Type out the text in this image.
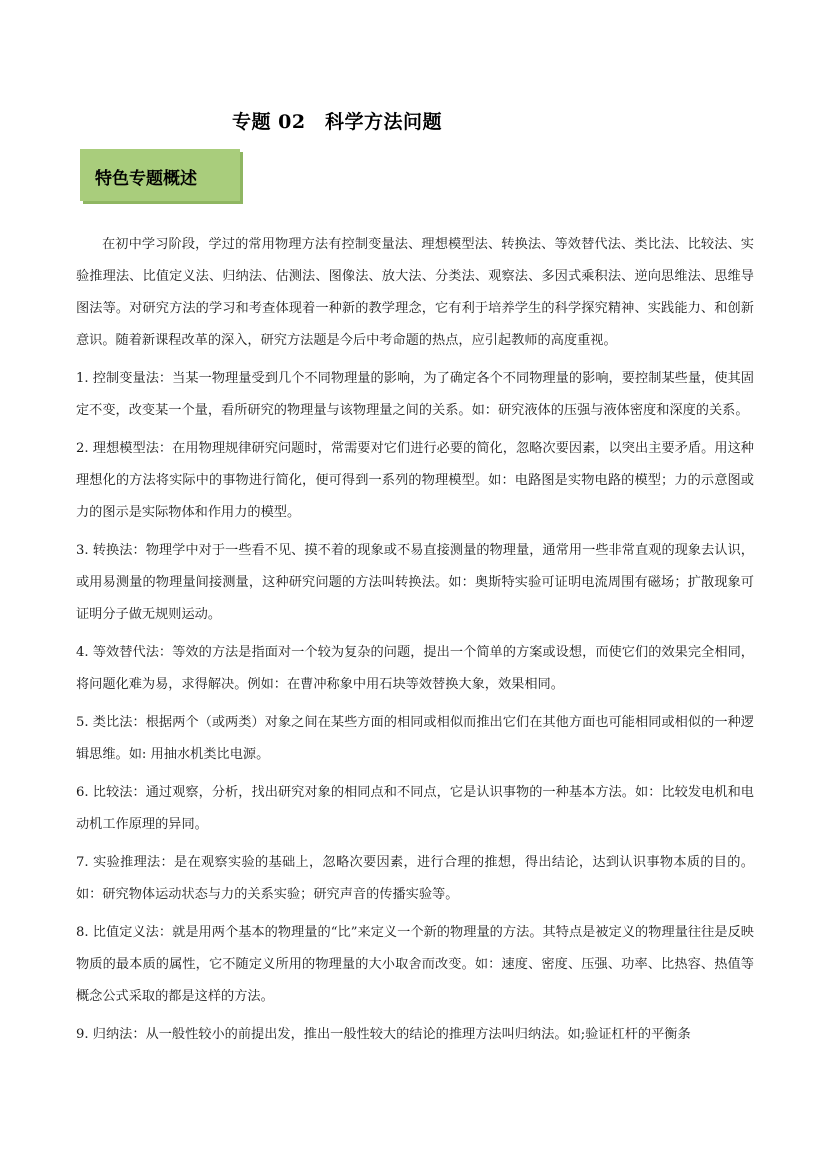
专题 02　科学方法问题
特色专题概述

在初中学习阶段，学过的常用物理方法有控制变量法、理想模型法、转换法、等效替代法、类比法、比较法、实验推理法、比值定义法、归纳法、估测法、图像法、放大法、分类法、观察法、多因式乘积法、逆向思维法、思维导图法等。对研究方法的学习和考查体现着一种新的教学理念，它有利于培养学生的科学探究精神、实践能力、和创新意识。随着新课程改革的深入，研究方法题是今后中考命题的热点，应引起教师的高度重视。

1. 控制变量法：当某一物理量受到几个不同物理量的影响，为了确定各个不同物理量的影响，要控制某些量，使其固定不变，改变某一个量，看所研究的物理量与该物理量之间的关系。如：研究液体的压强与液体密度和深度的关系。

2. 理想模型法：在用物理规律研究问题时，常需要对它们进行必要的简化，忽略次要因素，以突出主要矛盾。用这种理想化的方法将实际中的事物进行简化，便可得到一系列的物理模型。如：电路图是实物电路的模型；力的示意图或力的图示是实际物体和作用力的模型。

3. 转换法：物理学中对于一些看不见、摸不着的现象或不易直接测量的物理量，通常用一些非常直观的现象去认识，或用易测量的物理量间接测量，这种研究问题的方法叫转换法。如：奥斯特实验可证明电流周围有磁场；扩散现象可证明分子做无规则运动。

4. 等效替代法：等效的方法是指面对一个较为复杂的问题，提出一个简单的方案或设想，而使它们的效果完全相同，将问题化难为易，求得解决。例如：在曹冲称象中用石块等效替换大象，效果相同。

5. 类比法：根据两个（或两类）对象之间在某些方面的相同或相似而推出它们在其他方面也可能相同或相似的一种逻辑思维。如: 用抽水机类比电源。

6. 比较法：通过观察，分析，找出研究对象的相同点和不同点，它是认识事物的一种基本方法。如：比较发电机和电动机工作原理的异同。

7. 实验推理法：是在观察实验的基础上，忽略次要因素，进行合理的推想，得出结论，达到认识事物本质的目的。如：研究物体运动状态与力的关系实验；研究声音的传播实验等。

8. 比值定义法：就是用两个基本的物理量的“比”来定义一个新的物理量的方法。其特点是被定义的物理量往往是反映物质的最本质的属性，它不随定义所用的物理量的大小取舍而改变。如：速度、密度、压强、功率、比热容、热值等概念公式采取的都是这样的方法。

9. 归纳法：从一般性较小的前提出发，推出一般性较大的结论的推理方法叫归纳法。如;验证杠杆的平衡条
